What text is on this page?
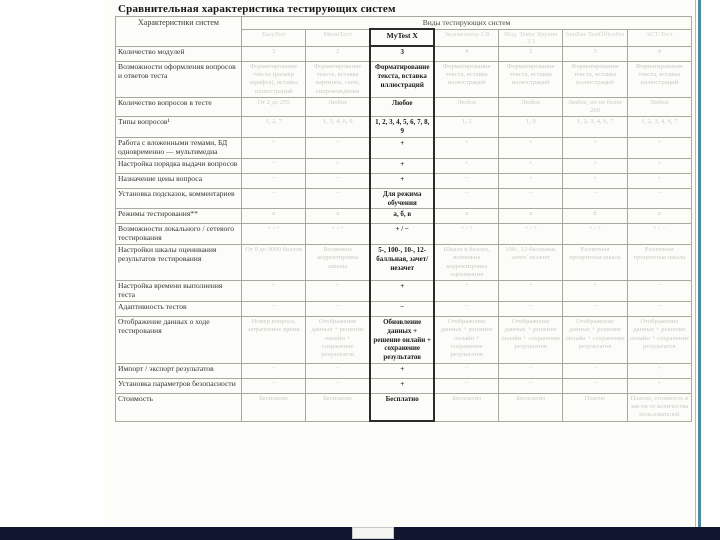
Сравнительная характеристика тестирующих систем
Характеристики систем	Виды тестирующих систем						
	EasyTest	МиниТест	MyTest X	Экзаменатор 2.В	Мод. Tester Ярулин 3.3	SunRav TestOfficePro	АСТ-Тест
Количество модулей	3	2	3	4	2	3	4
Возможности оформления вопросов и ответов теста	Форматирование текста (размер шрифта), вставка иллюстраций	Форматирование текста, вставка картинок, схем, сопровождения	Форматирование текста, вставка иллюстраций	Форматирование текста, вставка иллюстраций	Форматирование текста, вставка иллюстраций	Форматирование текста, вставка иллюстраций	Форматирование текста, вставка иллюстраций
Количество вопросов в тесте	От 2 до 255	Любое	Любое	Любое	Любое	Любое, но не более 200	Любое
Типы вопросов¹	1, 2, 7	1, 3, 4, 6, 9	1, 2, 3, 4, 5, 6, 7, 8, 9	1, 2	1, 9	1, 2, 3, 4, 6, 7	1, 2, 3, 4, 6, 7
Работа с вложенными темами, БД одновременно — мультимедиа	+	−	+	+	+	+	+
Настройка порядка выдачи вопросов	−	+	+	+	+	+	+
Назначение цены вопроса	−	−	+	−	+	+	+
Установка подсказок, комментариев	−	−	Для режима обучения	−	−	−	−
Режимы тестирования**	а	а	а, б, в	а	а	б	а
Возможности локального / сетевого тестирования	+ / −	+ / −	+ / −	+ / +	+ / +	+ / +	+ / −
Настройки шкалы оценивания результатов тестирования	От 0 до 9000 баллов	Возможна корректировка шкалы	5-, 100-, 10-, 12-балльная, зачет/ незачет	Шкала в баллах, возможна корректировка оценивания	100-, 12-балльная, зачет/ незачет	Различная процентная шкала	Различная процентная шкала
Настройка времени выполнения теста	+	+	+	+	+	+	−
Адаптивность тестов	−	−	−	−	−	−	−
Отображение данных о ходе тестирования	Номер вопроса, затраченное время	Отображение данных + решение онлайн + сохранение результатов	Обновление данных + решение онлайн + сохранение результатов	Отображение данных + решение онлайн + сохранение результатов	Отображение данных + решение онлайн + сохранение результатов	Отображение данных + решение онлайн + сохранение результатов	Отображение данных + решение онлайн + сохранение результатов
Импорт / экспорт результатов	−	−	+	−	−	−	+
Установка параметров безопасности	−	−	+	−	−	−	+
Стоимость	Бесплатно	Бесплатно	Бесплатно	Бесплатно	Бесплатно	Платно	Платно, стоимость в зав-ти от количества пользователей
